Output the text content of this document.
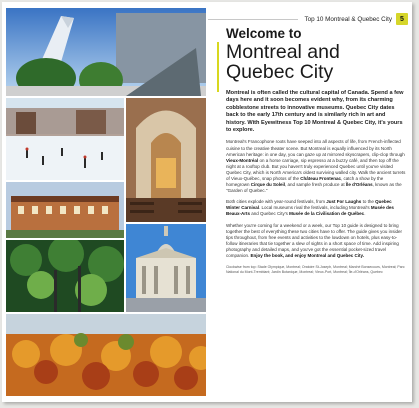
Top 10 Montreal & Quebec City	5

Welcome to

Montreal and
Quebec City

Montreal is often called the cultural capital of Canada. Spend a few days here and it soon becomes evident why, from its charming cobblestone streets to innovative museums. Quebec City dates back to the early 17th century and is similarly rich in art and history. With Eyewitness Top 10 Montreal & Quebec City, it's yours to explore.

Montreal's Francophone roots have seeped into all aspects of life, from French-inflected cuisine to the creative theater scene. But Montreal is equally influenced by its North American heritage: in one day, you can gaze up at mirrored skyscrapers, clip-clop through Vieux-Montréal on a horse carriage, sip espresso at a buzzy café, and then top off the night at a rooftop club. But you haven't truly experienced Quebec until you've visited Quebec City, which is North America's oldest surviving walled city. Walk the ancient turrets of Vieux-Québec, snap photos of the Château Frontenac, catch a show by the homegrown Cirque du Soleil, and sample fresh produce at Île d'Orléans, known as the "Garden of Quebec."

Both cities explode with year-round festivals, from Just For Laughs to the Quebec Winter Carnival. Local museums rival the festivals, including Montreal's Musée des Beaux-Arts and Quebec City's Musée de la Civilisation de Québec.

Whether you're coming for a weekend or a week, our Top 10 guide is designed to bring together the best of everything these two cities have to offer. The guide gives you insider tips throughout, from free events and activities to the lowdown on hotels, plus easy-to-follow itineraries that tie together a slew of sights in a short space of time. Add inspiring photography and detailed maps, and you've got the essential pocket-sized travel companion. Enjoy the book, and enjoy Montreal and Quebec City.

Clockwise from top: Stade Olympique, Montreal; Oratoire St-Joseph, Montreal; Marché Bonsecours, Montreal; Parc National du Mont-Tremblant; Jardin Botanique, Montreal; Vieux-Port, Montreal; Île-d'Orléans, Quebec
